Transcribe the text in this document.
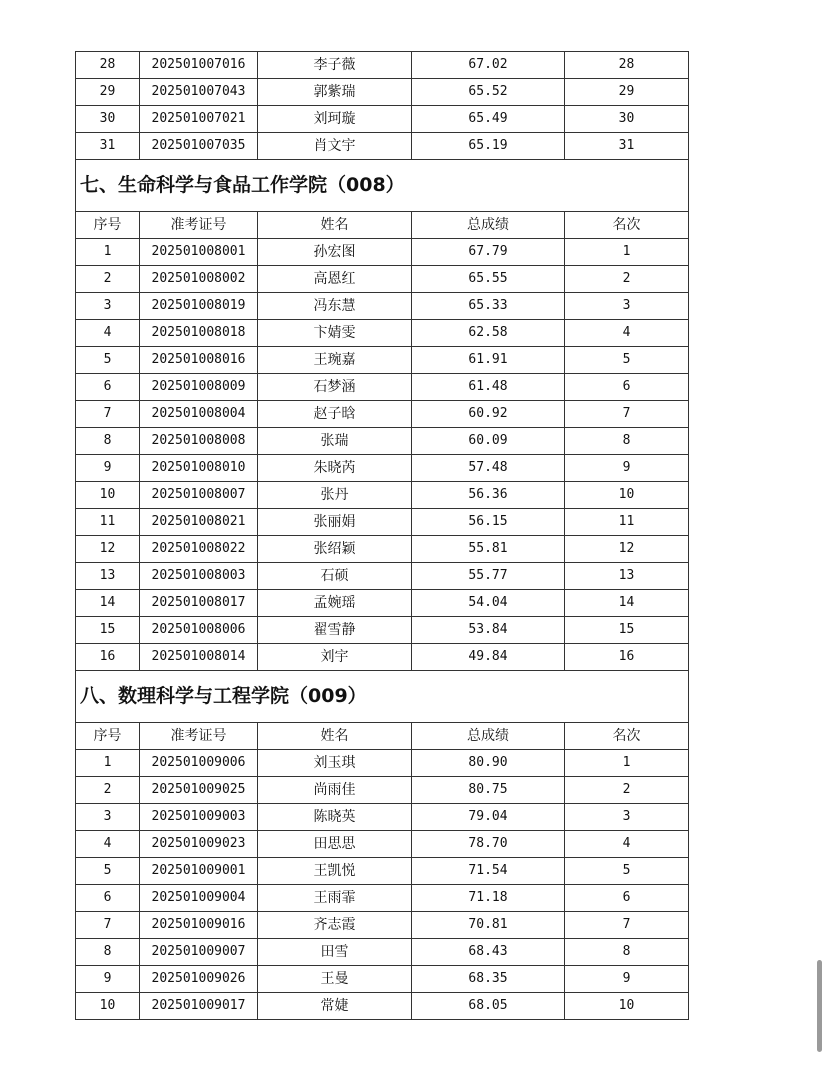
28	202501007016	李子薇	67.02	28
29	202501007043	郭紫瑞	65.52	29
30	202501007021	刘珂璇	65.49	30
31	202501007035	肖文宇	65.19	31
七、生命科学与食品工作学院（008）				
序号	准考证号	姓名	总成绩	名次
1	202501008001	孙宏图	67.79	1
2	202501008002	高恩红	65.55	2
3	202501008019	冯东慧	65.33	3
4	202501008018	卞婧雯	62.58	4
5	202501008016	王琬嘉	61.91	5
6	202501008009	石梦涵	61.48	6
7	202501008004	赵子晗	60.92	7
8	202501008008	张瑞	60.09	8
9	202501008010	朱晓芮	57.48	9
10	202501008007	张丹	56.36	10
11	202501008021	张丽娟	56.15	11
12	202501008022	张绍颖	55.81	12
13	202501008003	石硕	55.77	13
14	202501008017	孟婉瑶	54.04	14
15	202501008006	翟雪静	53.84	15
16	202501008014	刘宇	49.84	16
八、数理科学与工程学院（009）				
序号	准考证号	姓名	总成绩	名次
1	202501009006	刘玉琪	80.90	1
2	202501009025	尚雨佳	80.75	2
3	202501009003	陈晓英	79.04	3
4	202501009023	田思思	78.70	4
5	202501009001	王凯悦	71.54	5
6	202501009004	王雨霏	71.18	6
7	202501009016	齐志霞	70.81	7
8	202501009007	田雪	68.43	8
9	202501009026	王曼	68.35	9
10	202501009017	常婕	68.05	10
